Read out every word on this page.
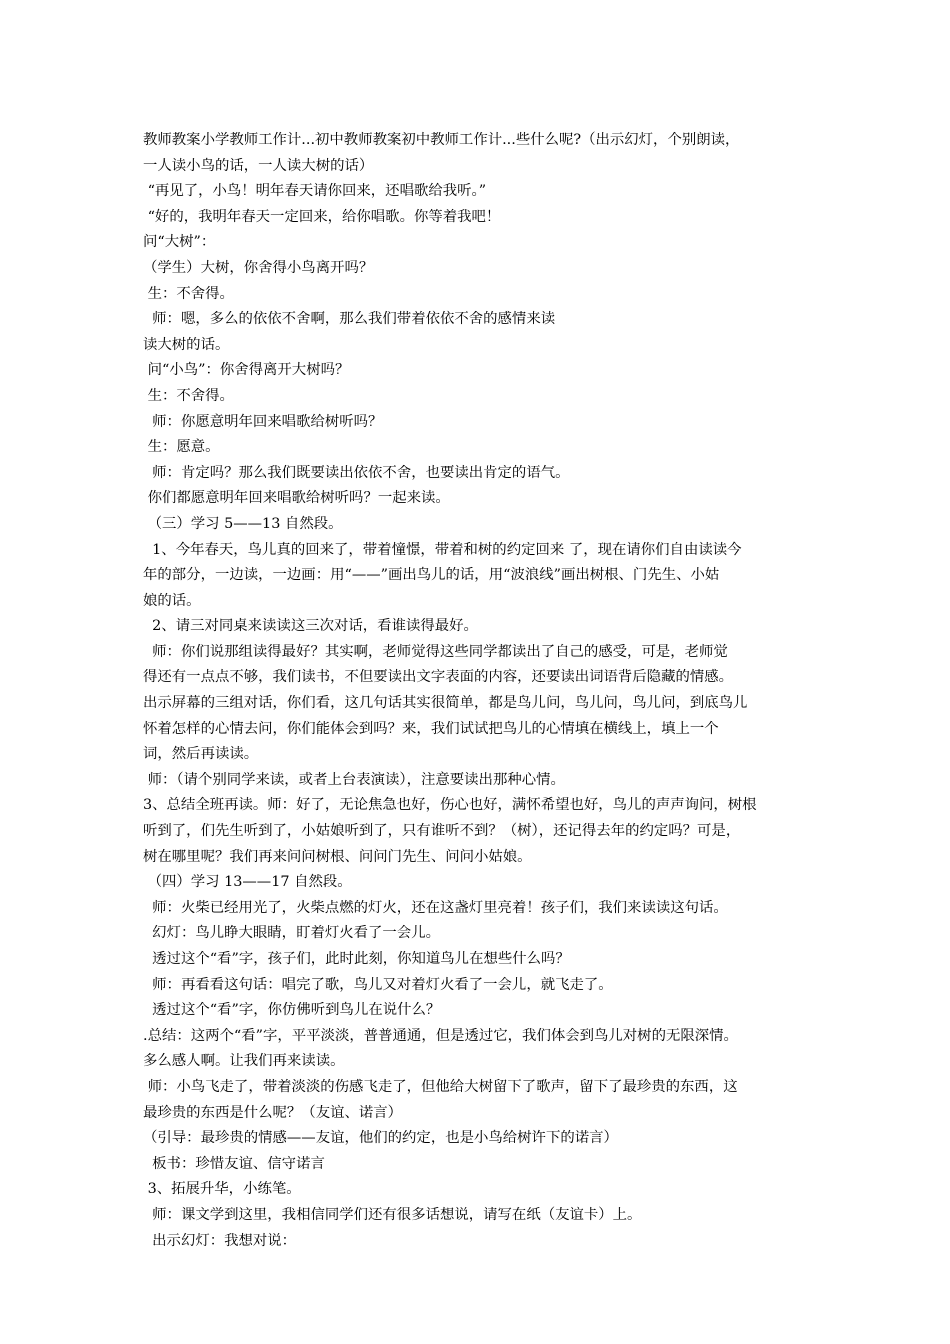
教师教案小学教师工作计...初中教师教案初中教师工作计...些什么呢?（出示幻灯，个别朗读，
一人读小鸟的话，一人读大树的话）
“再见了，小鸟！明年春天请你回来，还唱歌给我听。”
“好的，我明年春天一定回来，给你唱歌。你等着我吧！
问“大树”：
（学生）大树，你舍得小鸟离开吗？
生：不舍得。
师：嗯，多么的依依不舍啊，那么我们带着依依不舍的感情来读
读大树的话。
问“小鸟”：你舍得离开大树吗？
生：不舍得。
师：你愿意明年回来唱歌给树听吗？
生：愿意。
师：肯定吗？那么我们既要读出依依不舍，也要读出肯定的语气。
你们都愿意明年回来唱歌给树听吗？一起来读。
（三）学习 5——13 自然段。
1、今年春天，鸟儿真的回来了，带着憧憬，带着和树的约定回来 了，现在请你们自由读读今
年的部分，一边读，一边画：用“——”画出鸟儿的话，用“波浪线”画出树根、门先生、小姑
娘的话。
2、请三对同桌来读读这三次对话，看谁读得最好。
师：你们说那组读得最好？其实啊，老师觉得这些同学都读出了自己的感受，可是，老师觉
得还有一点点不够，我们读书，不但要读出文字表面的内容，还要读出词语背后隐藏的情感。
出示屏幕的三组对话，你们看，这几句话其实很简单，都是鸟儿问，鸟儿问，鸟儿问，到底鸟儿
怀着怎样的心情去问，你们能体会到吗？来，我们试试把鸟儿的心情填在横线上，填上一个
词，然后再读读。
师：（请个别同学来读，或者上台表演读），注意要读出那种心情。
3、总结全班再读。师：好了，无论焦急也好，伤心也好，满怀希望也好，鸟儿的声声询问，树根
听到了，们先生听到了，小姑娘听到了，只有谁听不到？（树），还记得去年的约定吗？可是，
树在哪里呢？我们再来问问树根、问问门先生、问问小姑娘。
（四）学习 13——17 自然段。
师：火柴已经用光了，火柴点燃的灯火，还在这盏灯里亮着！孩子们，我们来读读这句话。
幻灯：鸟儿睁大眼睛，盯着灯火看了一会儿。
透过这个“看”字，孩子们，此时此刻，你知道鸟儿在想些什么吗？
师：再看看这句话：唱完了歌，鸟儿又对着灯火看了一会儿，就飞走了。
透过这个“看”字，你仿佛听到鸟儿在说什么？
.总结：这两个“看”字，平平淡淡，普普通通，但是透过它，我们体会到鸟儿对树的无限深情。
多么感人啊。让我们再来读读。
师：小鸟飞走了，带着淡淡的伤感飞走了，但他给大树留下了歌声，留下了最珍贵的东西，这
最珍贵的东西是什么呢？（友谊、诺言）
（引导：最珍贵的情感——友谊，他们的约定，也是小鸟给树许下的诺言）
板书：珍惜友谊、信守诺言
3、拓展升华，小练笔。
师：课文学到这里，我相信同学们还有很多话想说，请写在纸（友谊卡）上。
出示幻灯：我想对说：
